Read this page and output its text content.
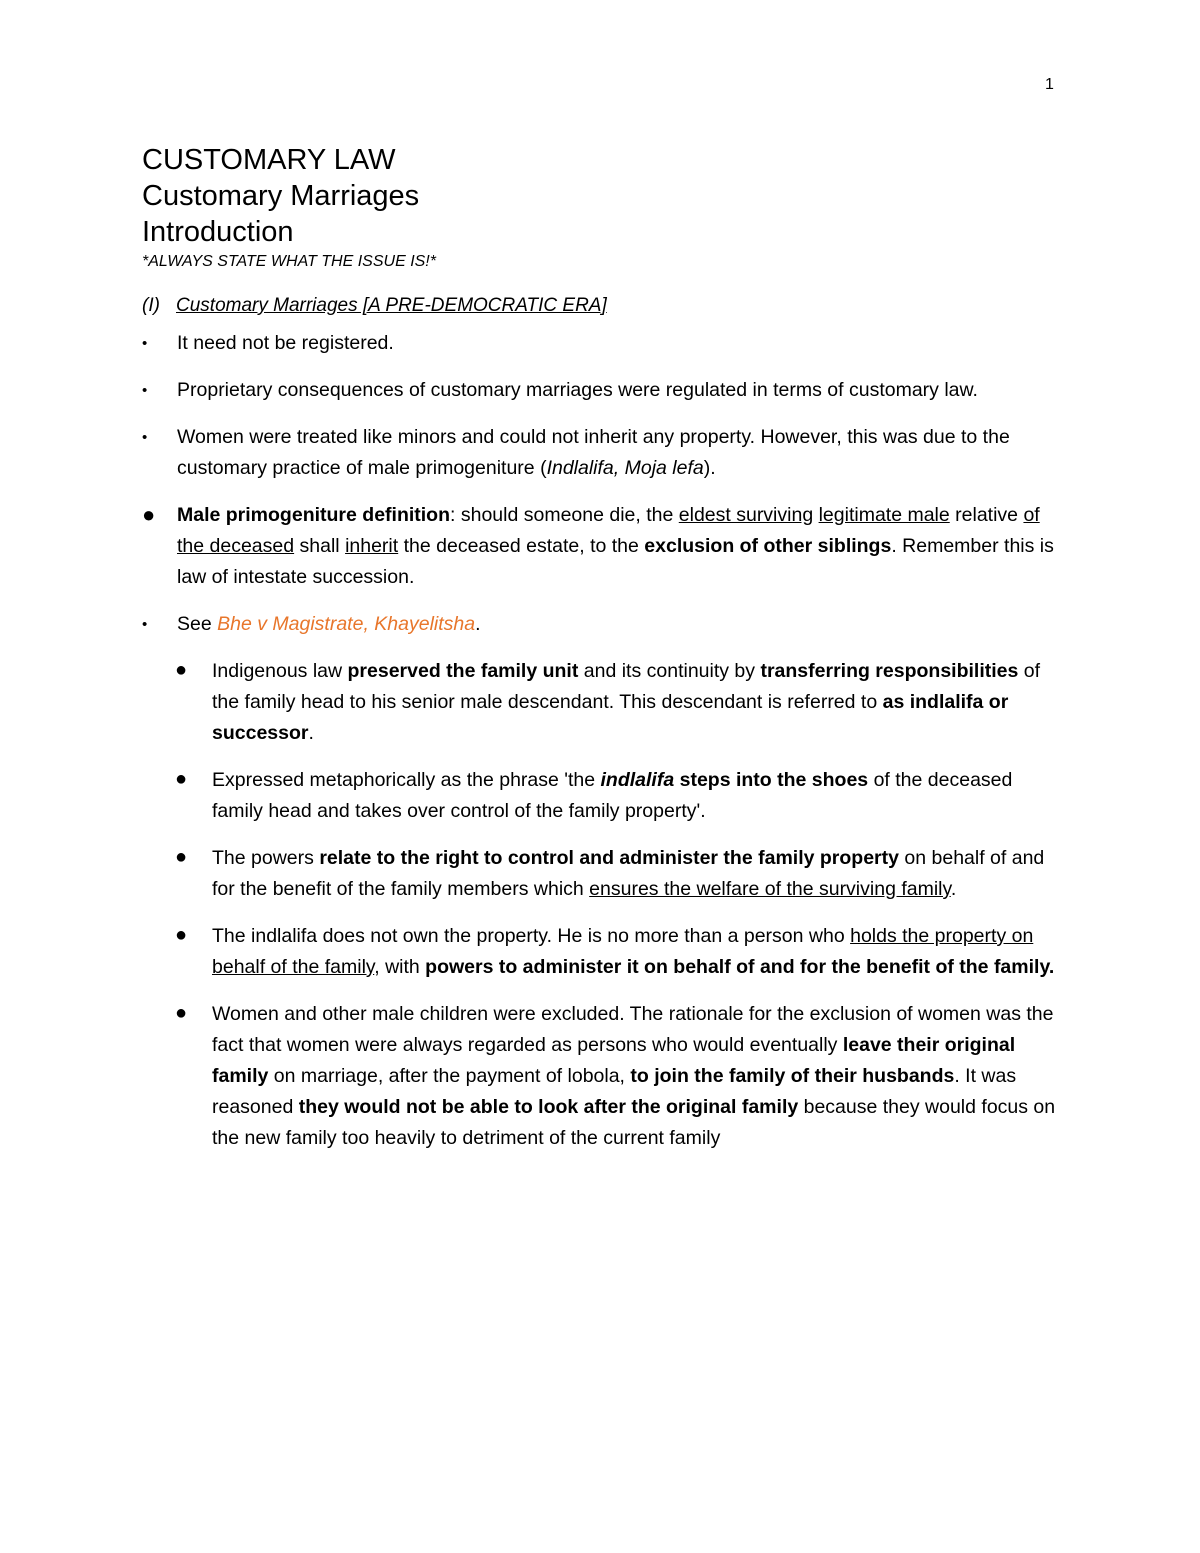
1
CUSTOMARY LAW
Customary Marriages
Introduction
*ALWAYS STATE WHAT THE ISSUE IS!*
(I) Customary Marriages [A PRE-DEMOCRATIC ERA]
• It need not be registered.
• Proprietary consequences of customary marriages were regulated in terms of customary law.
• Women were treated like minors and could not inherit any property. However, this was due to the customary practice of male primogeniture (Indlalifa, Moja lefa).
● Male primogeniture definition: should someone die, the eldest surviving legitimate male relative of the deceased shall inherit the deceased estate, to the exclusion of other siblings. Remember this is law of intestate succession.
• See Bhe v Magistrate, Khayelitsha.
● Indigenous law preserved the family unit and its continuity by transferring responsibilities of the family head to his senior male descendant. This descendant is referred to as indlalifa or successor.
● Expressed metaphorically as the phrase 'the indlalifa steps into the shoes of the deceased family head and takes over control of the family property'.
● The powers relate to the right to control and administer the family property on behalf of and for the benefit of the family members which ensures the welfare of the surviving family.
● The indlalifa does not own the property. He is no more than a person who holds the property on behalf of the family, with powers to administer it on behalf of and for the benefit of the family.
● Women and other male children were excluded. The rationale for the exclusion of women was the fact that women were always regarded as persons who would eventually leave their original family on marriage, after the payment of lobola, to join the family of their husbands. It was reasoned they would not be able to look after the original family because they would focus on the new family too heavily to detriment of the current family
